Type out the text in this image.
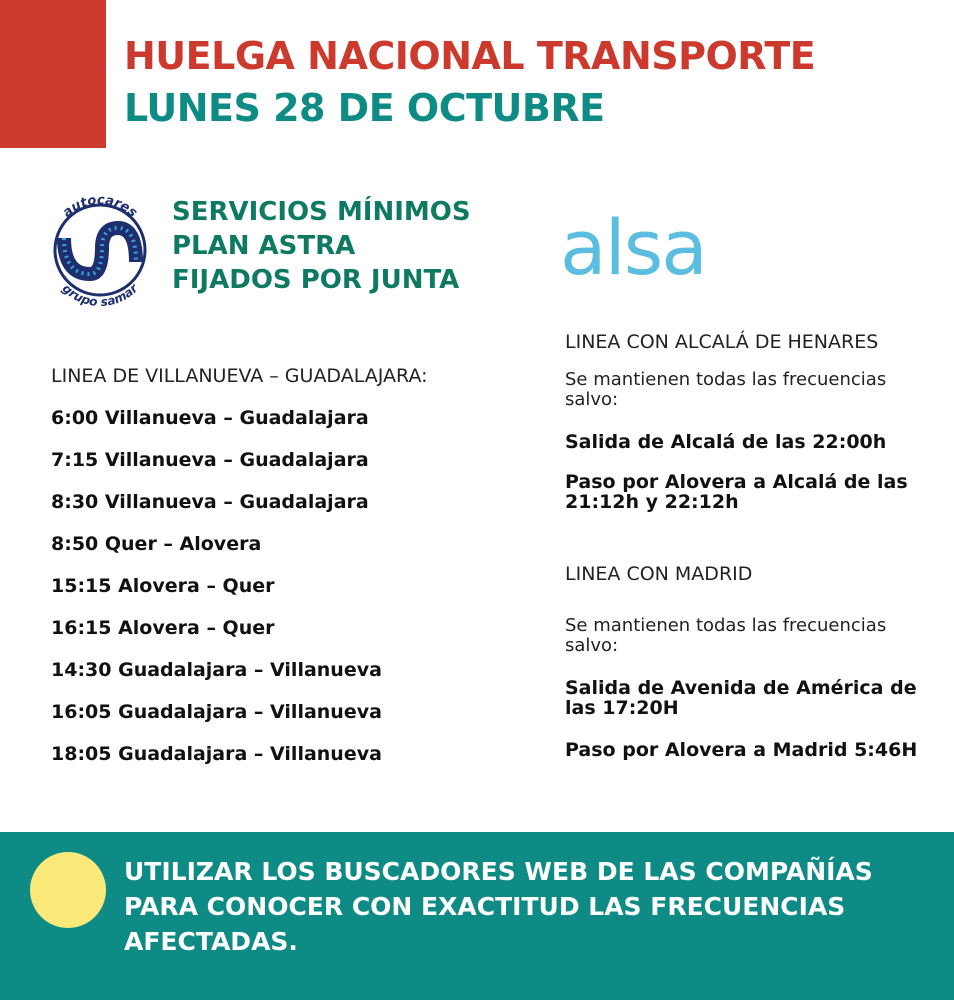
HUELGA NACIONAL TRANSPORTE
LUNES 28 DE OCTUBRE
autocares
grupo samar
SERVICIOS MÍNIMOS
PLAN ASTRA
FIJADOS POR JUNTA alsa
LINEA DE VILLANUEVA – GUADALAJARA:
6:00 Villanueva – Guadalajara
7:15 Villanueva – Guadalajara
8:30 Villanueva – Guadalajara
8:50 Quer – Alovera
15:15 Alovera – Quer
16:15 Alovera – Quer
14:30 Guadalajara – Villanueva
16:05 Guadalajara – Villanueva
18:05 Guadalajara – Villanueva
LINEA CON ALCALÁ DE HENARES
Se mantienen todas las frecuencias salvo:
Salida de Alcalá de las 22:00h
Paso por Alovera a Alcalá de las 21:12h y 22:12h
LINEA CON MADRID
Se mantienen todas las frecuencias salvo:
Salida de Avenida de América de las 17:20H
Paso por Alovera a Madrid 5:46H
UTILIZAR LOS BUSCADORES WEB DE LAS COMPAÑÍAS PARA CONOCER CON EXACTITUD LAS FRECUENCIAS AFECTADAS.
